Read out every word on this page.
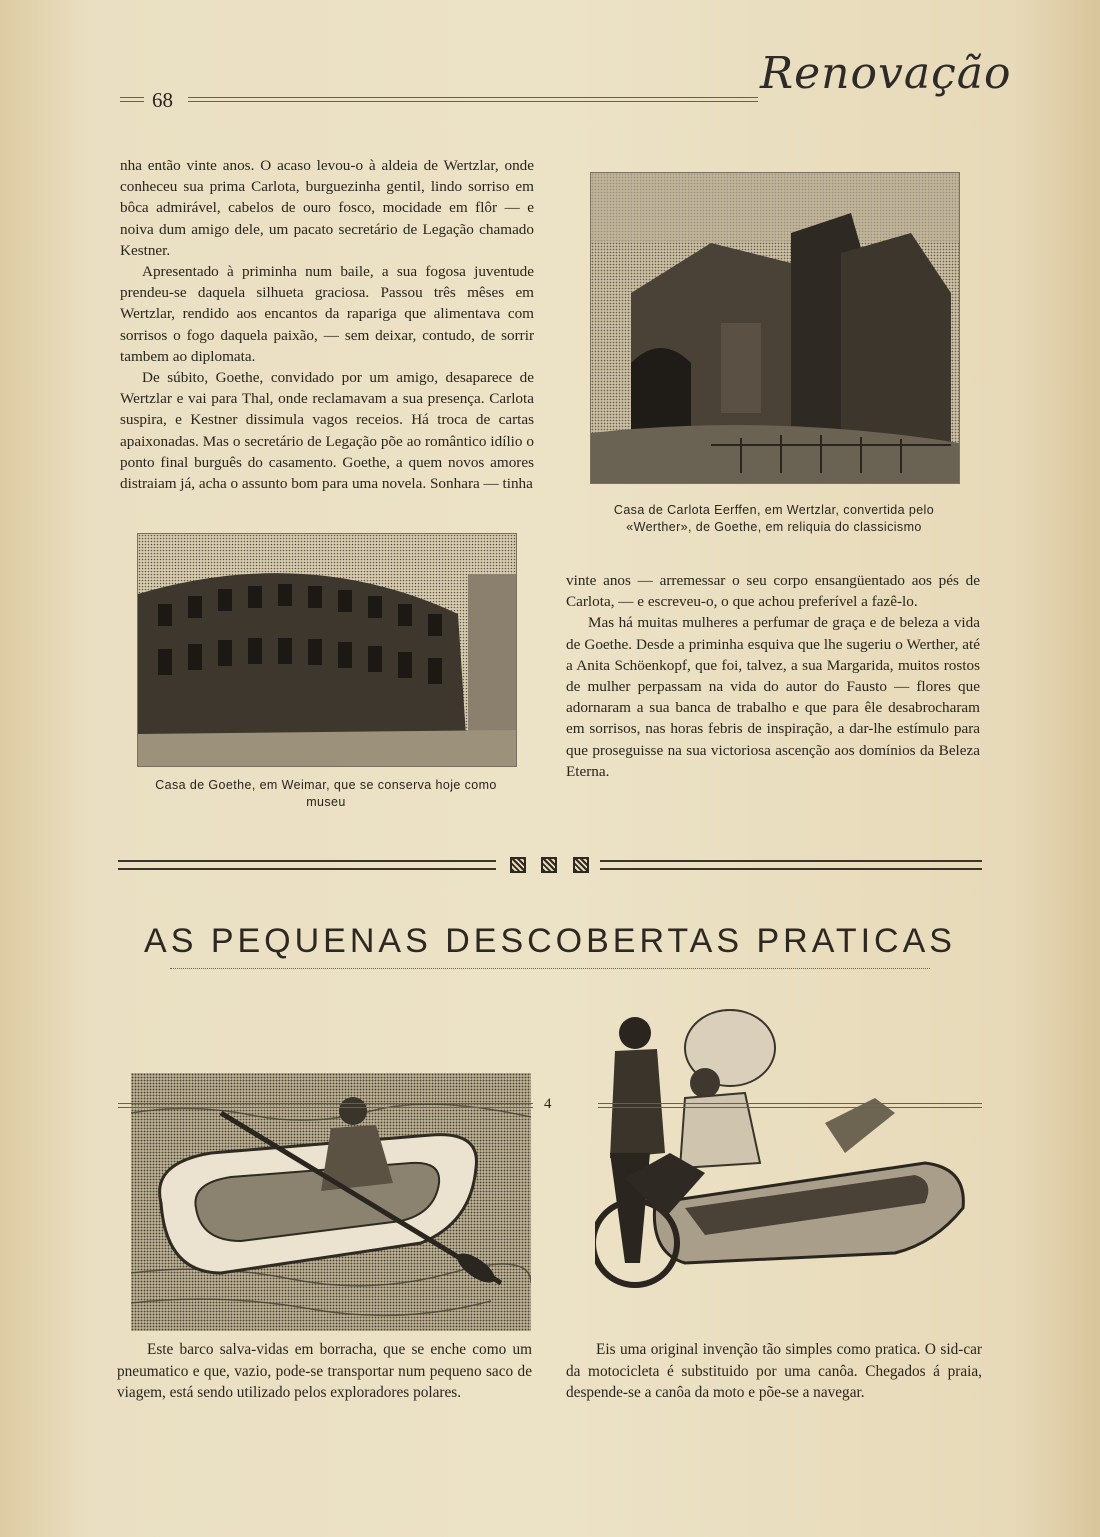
68
Renovação

nha então vinte anos. O acaso levou-o à aldeia de Wertzlar, onde conheceu sua prima Carlota, burguezinha gentil, lindo sorriso em bôca admirável, cabelos de ouro fosco, mocidade em flôr — e noiva dum amigo dele, um pacato secretário de Legação chamado Kestner.

Apresentado à priminha num baile, a sua fogosa juventude prendeu-se daquela silhueta graciosa. Passou três mêses em Wertzlar, rendido aos encantos da rapariga que alimentava com sorrisos o fogo daquela paixão, — sem deixar, contudo, de sorrir tambem ao diplomata.

De súbito, Goethe, convidado por um amigo, desaparece de Wertzlar e vai para Thal, onde reclamavam a sua presença. Carlota suspira, e Kestner dissimula vagos receios. Há troca de cartas apaixonadas. Mas o secretário de Legação põe ao romântico idílio o ponto final burguês do casamento. Goethe, a quem novos amores distraiam já, acha o assunto bom para uma novela. Sonhara — tinha

Casa de Carlota Eerffen, em Wertzlar, convertida pelo «Werther», de Goethe, em reliquia do classicismo
Casa de Goethe, em Weimar, que se conserva hoje como museu

vinte anos — arremessar o seu corpo ensangüentado aos pés de Carlota, — e escreveu-o, o que achou preferível a fazê-lo.

Mas há muitas mulheres a perfumar de graça e de beleza a vida de Goethe. Desde a priminha esquiva que lhe sugeriu o Werther, até a Anita Schöenkopf, que foi, talvez, a sua Margarida, muitos rostos de mulher perpassam na vida do autor do Fausto — flores que adornaram a sua banca de trabalho e que para êle desabrocharam em sorrisos, nas horas febris de inspiração, a dar-lhe estímulo para que proseguisse na sua victoriosa ascenção aos domínios da Beleza Eterna.

AS PEQUENAS DESCOBERTAS PRATICAS

Este barco salva-vidas em borracha, que se enche como um pneumatico e que, vazio, pode-se transportar num pequeno saco de viagem, está sendo utilizado pelos exploradores polares.

Eis uma original invenção tão simples como pratica. O sid-car da motocicleta é substituido por uma canôa. Chegados á praia, despende-se a canôa da moto e põe-se a navegar.

4
